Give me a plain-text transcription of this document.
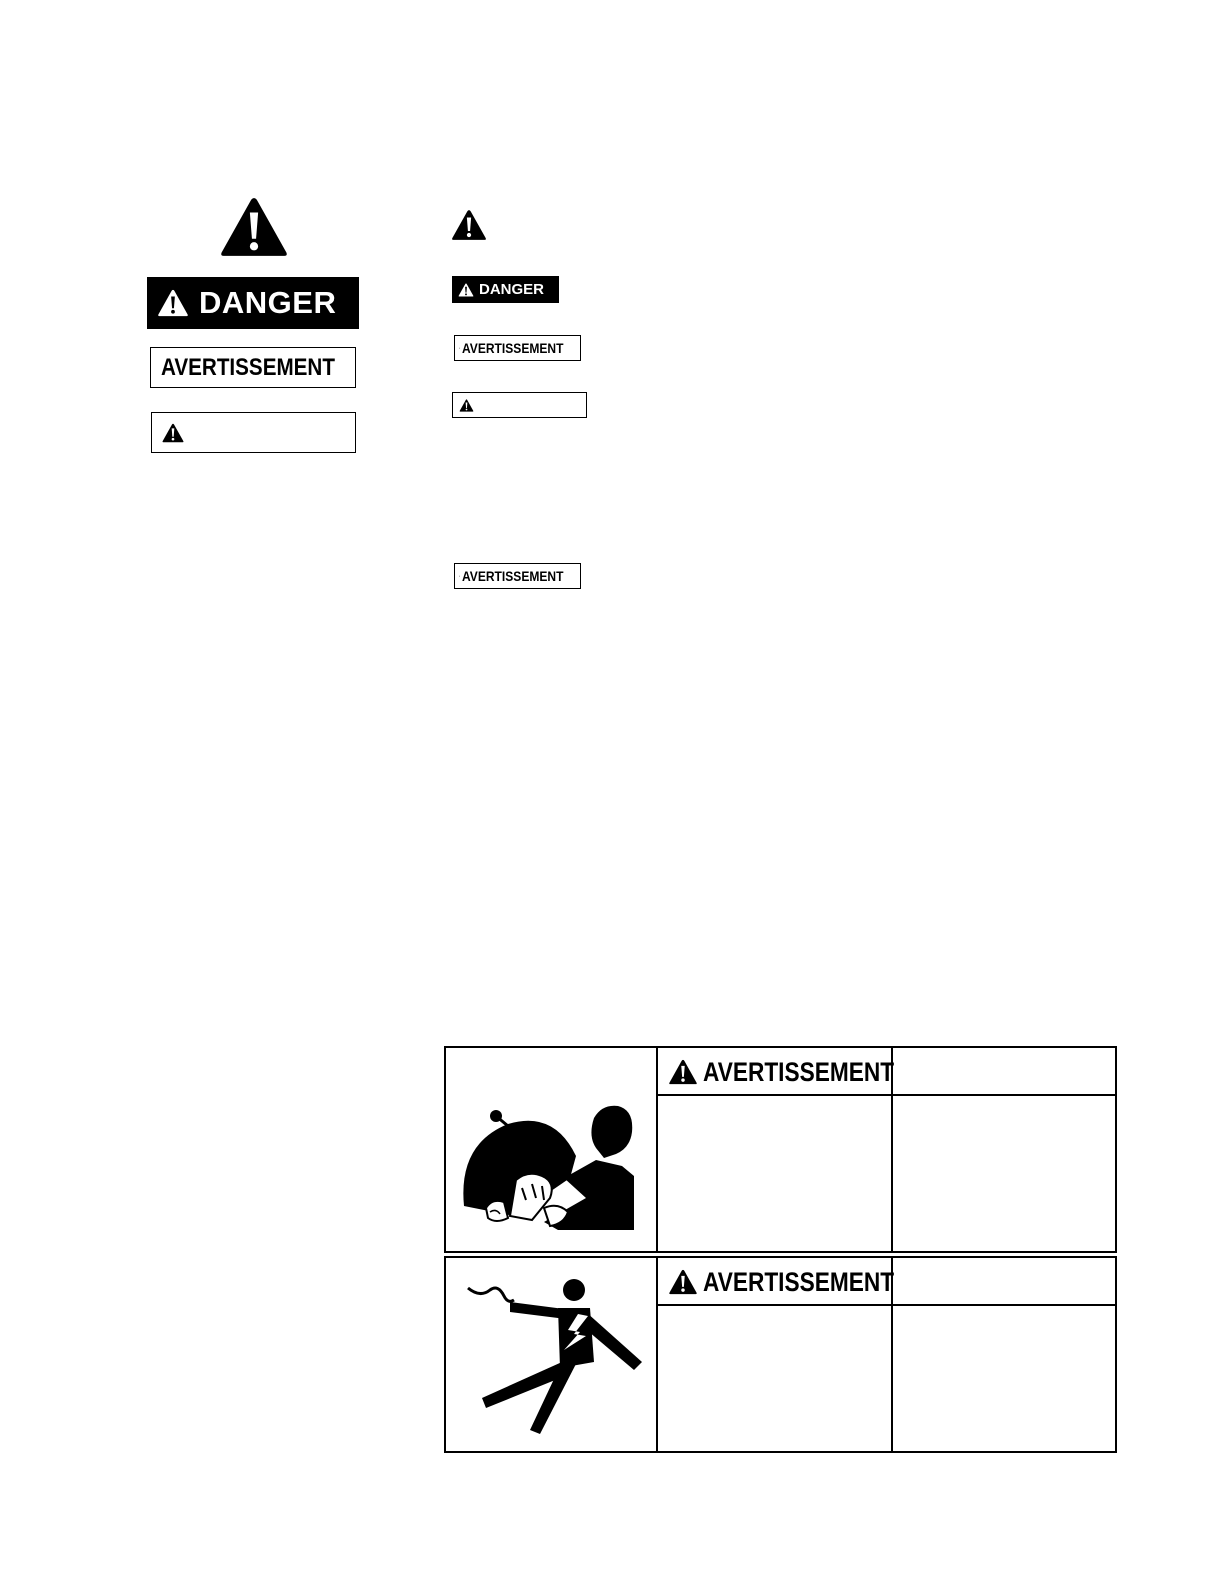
DANGER
AVERTISSEMENT
DANGER
AVERTISSEMENT
AVERTISSEMENT
AVERTISSEMENT
AVERTISSEMENT
